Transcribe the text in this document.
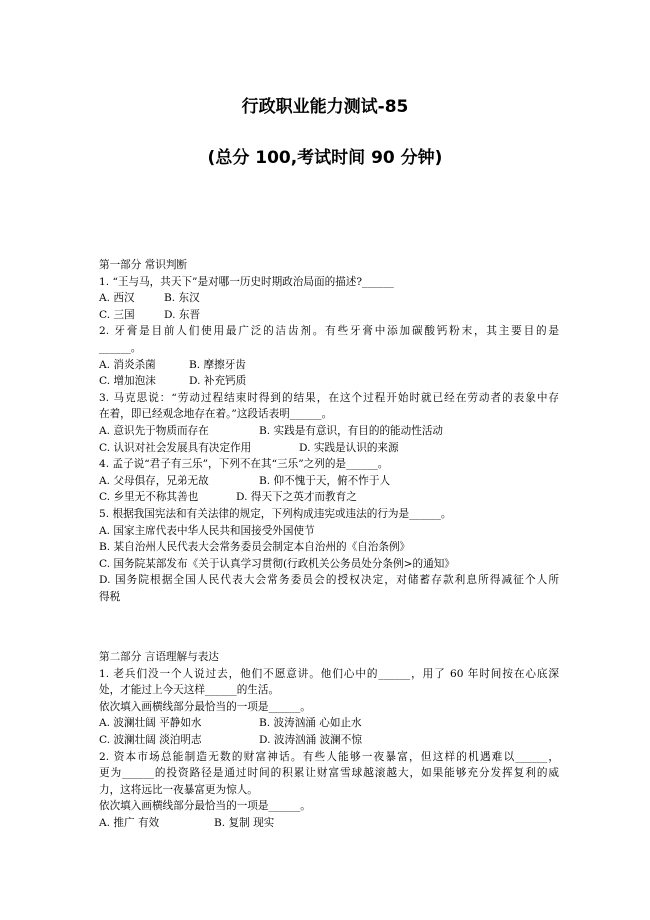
行政职业能力测试-85
(总分 100,考试时间 90 分钟)
第一部分 常识判断
1. “王与马，共天下”是对哪一历史时期政治局面的描述?______
A. 西汉	B. 东汉
C. 三国	D. 东晋
2. 牙膏是目前人们使用最广泛的洁齿剂。有些牙膏中添加碳酸钙粉末，其主要目的是
______。
A. 消炎杀菌	B. 摩擦牙齿
C. 增加泡沫	D. 补充钙质
3. 马克思说：“劳动过程结束时得到的结果，在这个过程开始时就已经在劳动者的表象中存
在着，即已经观念地存在着。”这段话表明______。
A. 意识先于物质而存在	B. 实践是有意识，有目的的能动性活动
C. 认识对社会发展具有决定作用	D. 实践是认识的来源
4. 孟子说“君子有三乐”，下列不在其“三乐”之列的是______。
A. 父母俱存，兄弟无故	B. 仰不愧于天，俯不怍于人
C. 乡里无不称其善也	D. 得天下之英才而教育之
5. 根据我国宪法和有关法律的规定，下列构成违宪或违法的行为是______。
A. 国家主席代表中华人民共和国接受外国使节
B. 某自治州人民代表大会常务委员会制定本自治州的《自治条例》
C. 国务院某部发布《关于认真学习贯彻(行政机关公务员处分条例>的通知》
D. 国务院根据全国人民代表大会常务委员会的授权决定，对储蓄存款利息所得减征个人所
得税
第二部分 言语理解与表达
1. 老兵们没一个人说过去，他们不愿意讲。他们心中的______，用了 60 年时间按在心底深
处，才能过上今天这样______的生活。
依次填入画横线部分最恰当的一项是______。
A. 波澜壮阔 平静如水	B. 波涛汹涌 心如止水
C. 波澜壮阔 淡泊明志	D. 波涛汹涌 波澜不惊
2. 资本市场总能制造无数的财富神话。有些人能够一夜暴富，但这样的机遇难以______，
更为______的投资路径是通过时间的积累让财富雪球越滚越大，如果能够充分发挥复利的威
力，这将远比一夜暴富更为惊人。
依次填入画横线部分最恰当的一项是______。
A. 推广 有效	B. 复制 现实
